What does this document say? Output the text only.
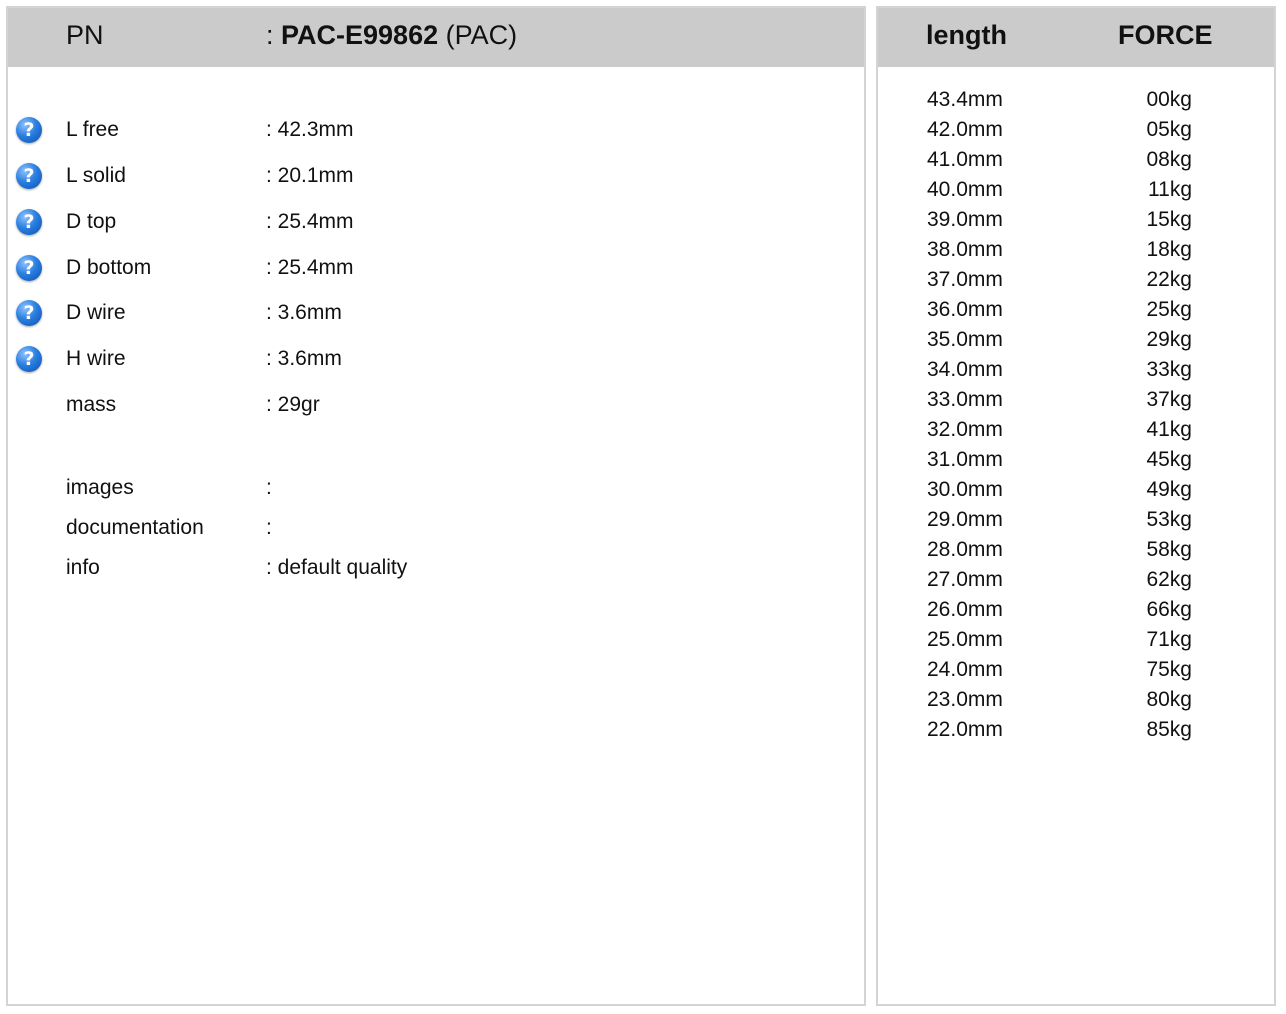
PN	: PAC-E99862 (PAC)
?	L free	: 42.3mm
?	L solid	: 20.1mm
?	D top	: 25.4mm
?	D bottom	: 25.4mm
?	D wire	: 3.6mm
?	H wire	: 3.6mm
mass	: 29gr
images	:
documentation	:
info	: default quality
length	FORCE
43.4mm	00kg
42.0mm	05kg
41.0mm	08kg
40.0mm	11kg
39.0mm	15kg
38.0mm	18kg
37.0mm	22kg
36.0mm	25kg
35.0mm	29kg
34.0mm	33kg
33.0mm	37kg
32.0mm	41kg
31.0mm	45kg
30.0mm	49kg
29.0mm	53kg
28.0mm	58kg
27.0mm	62kg
26.0mm	66kg
25.0mm	71kg
24.0mm	75kg
23.0mm	80kg
22.0mm	85kg
